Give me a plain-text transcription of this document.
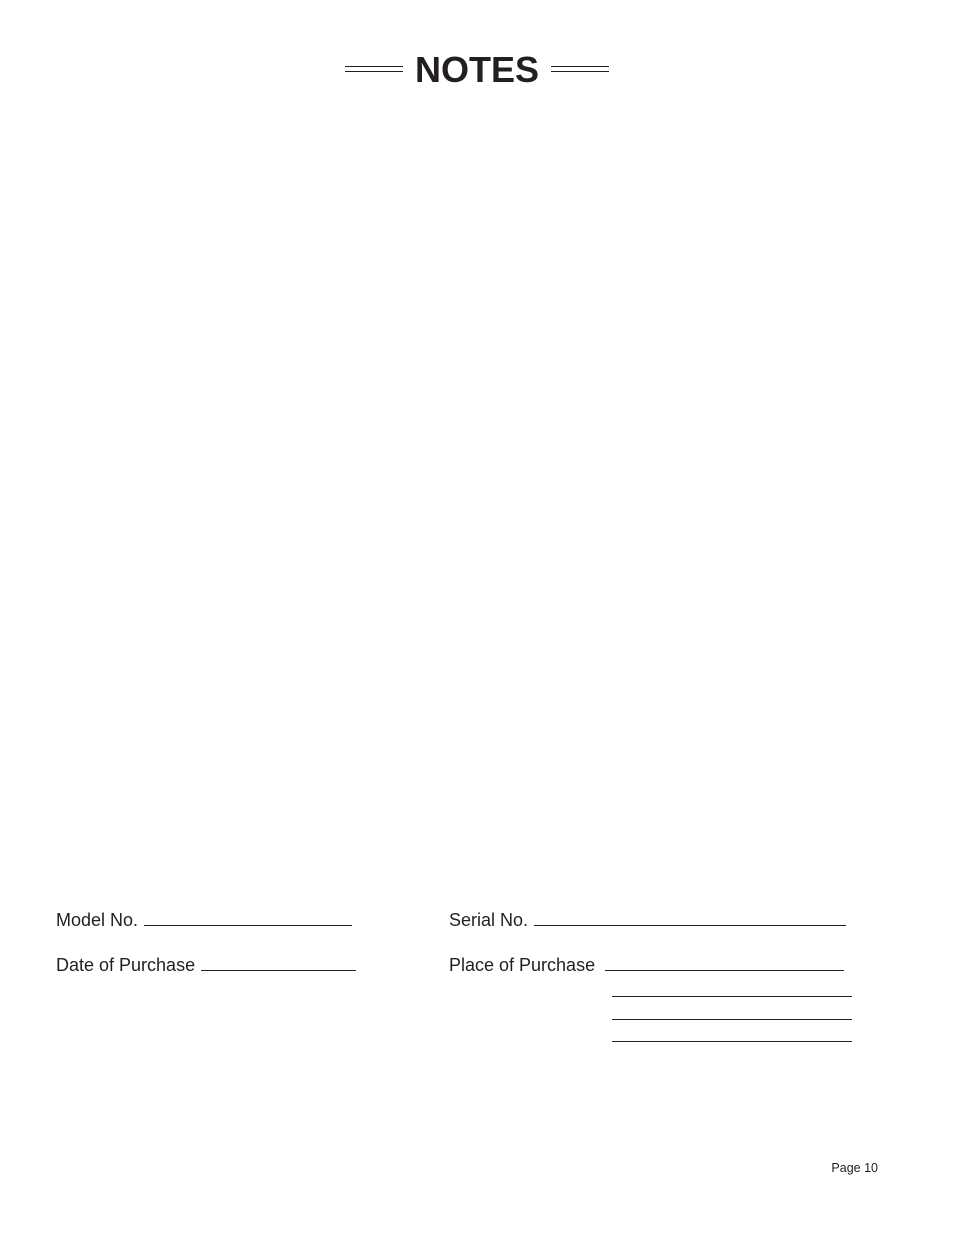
NOTES
Model No.	Serial No.
Date of Purchase	Place of Purchase
Page 10
